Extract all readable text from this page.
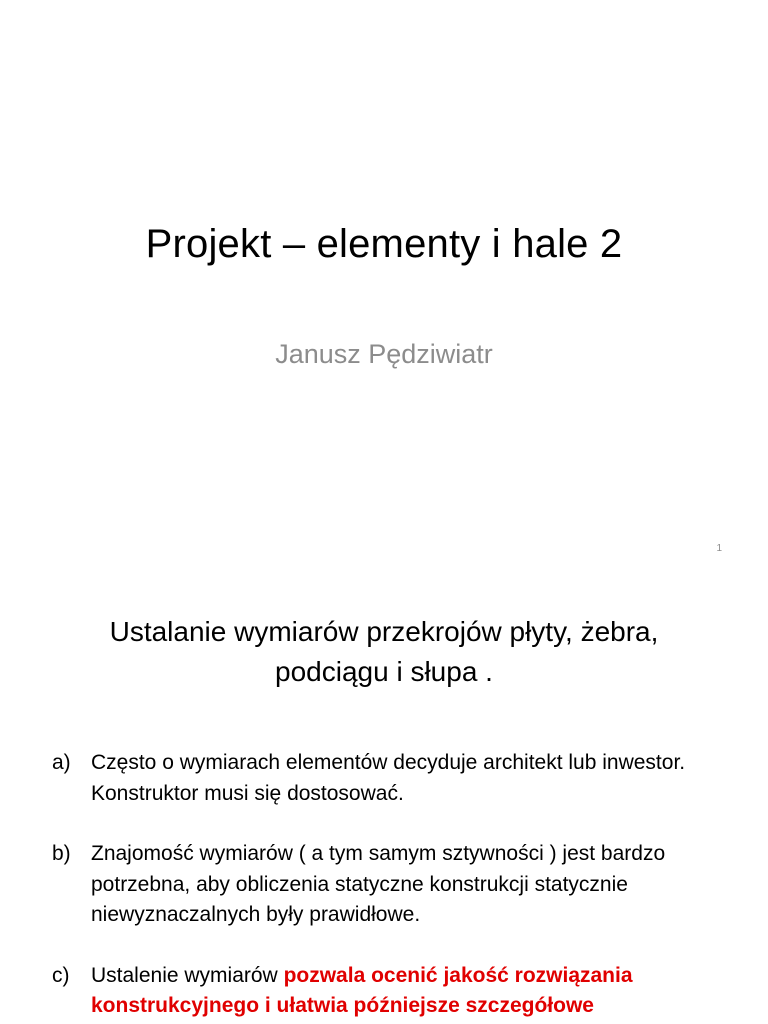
Projekt – elementy i hale 2
Janusz Pędziwiatr
1
Ustalanie wymiarów przekrojów płyty, żebra,
podciągu i słupa .
a) Często o wymiarach elementów decyduje architekt lub inwestor. Konstruktor musi się dostosować.
b) Znajomość wymiarów ( a tym samym sztywności ) jest bardzo potrzebna, aby obliczenia statyczne konstrukcji statycznie niewyznaczalnych były prawidłowe.
c)	Ustalenie wymiarów pozwala ocenić jakość rozwiązania konstrukcyjnego i ułatwia późniejsze szczegółowe
